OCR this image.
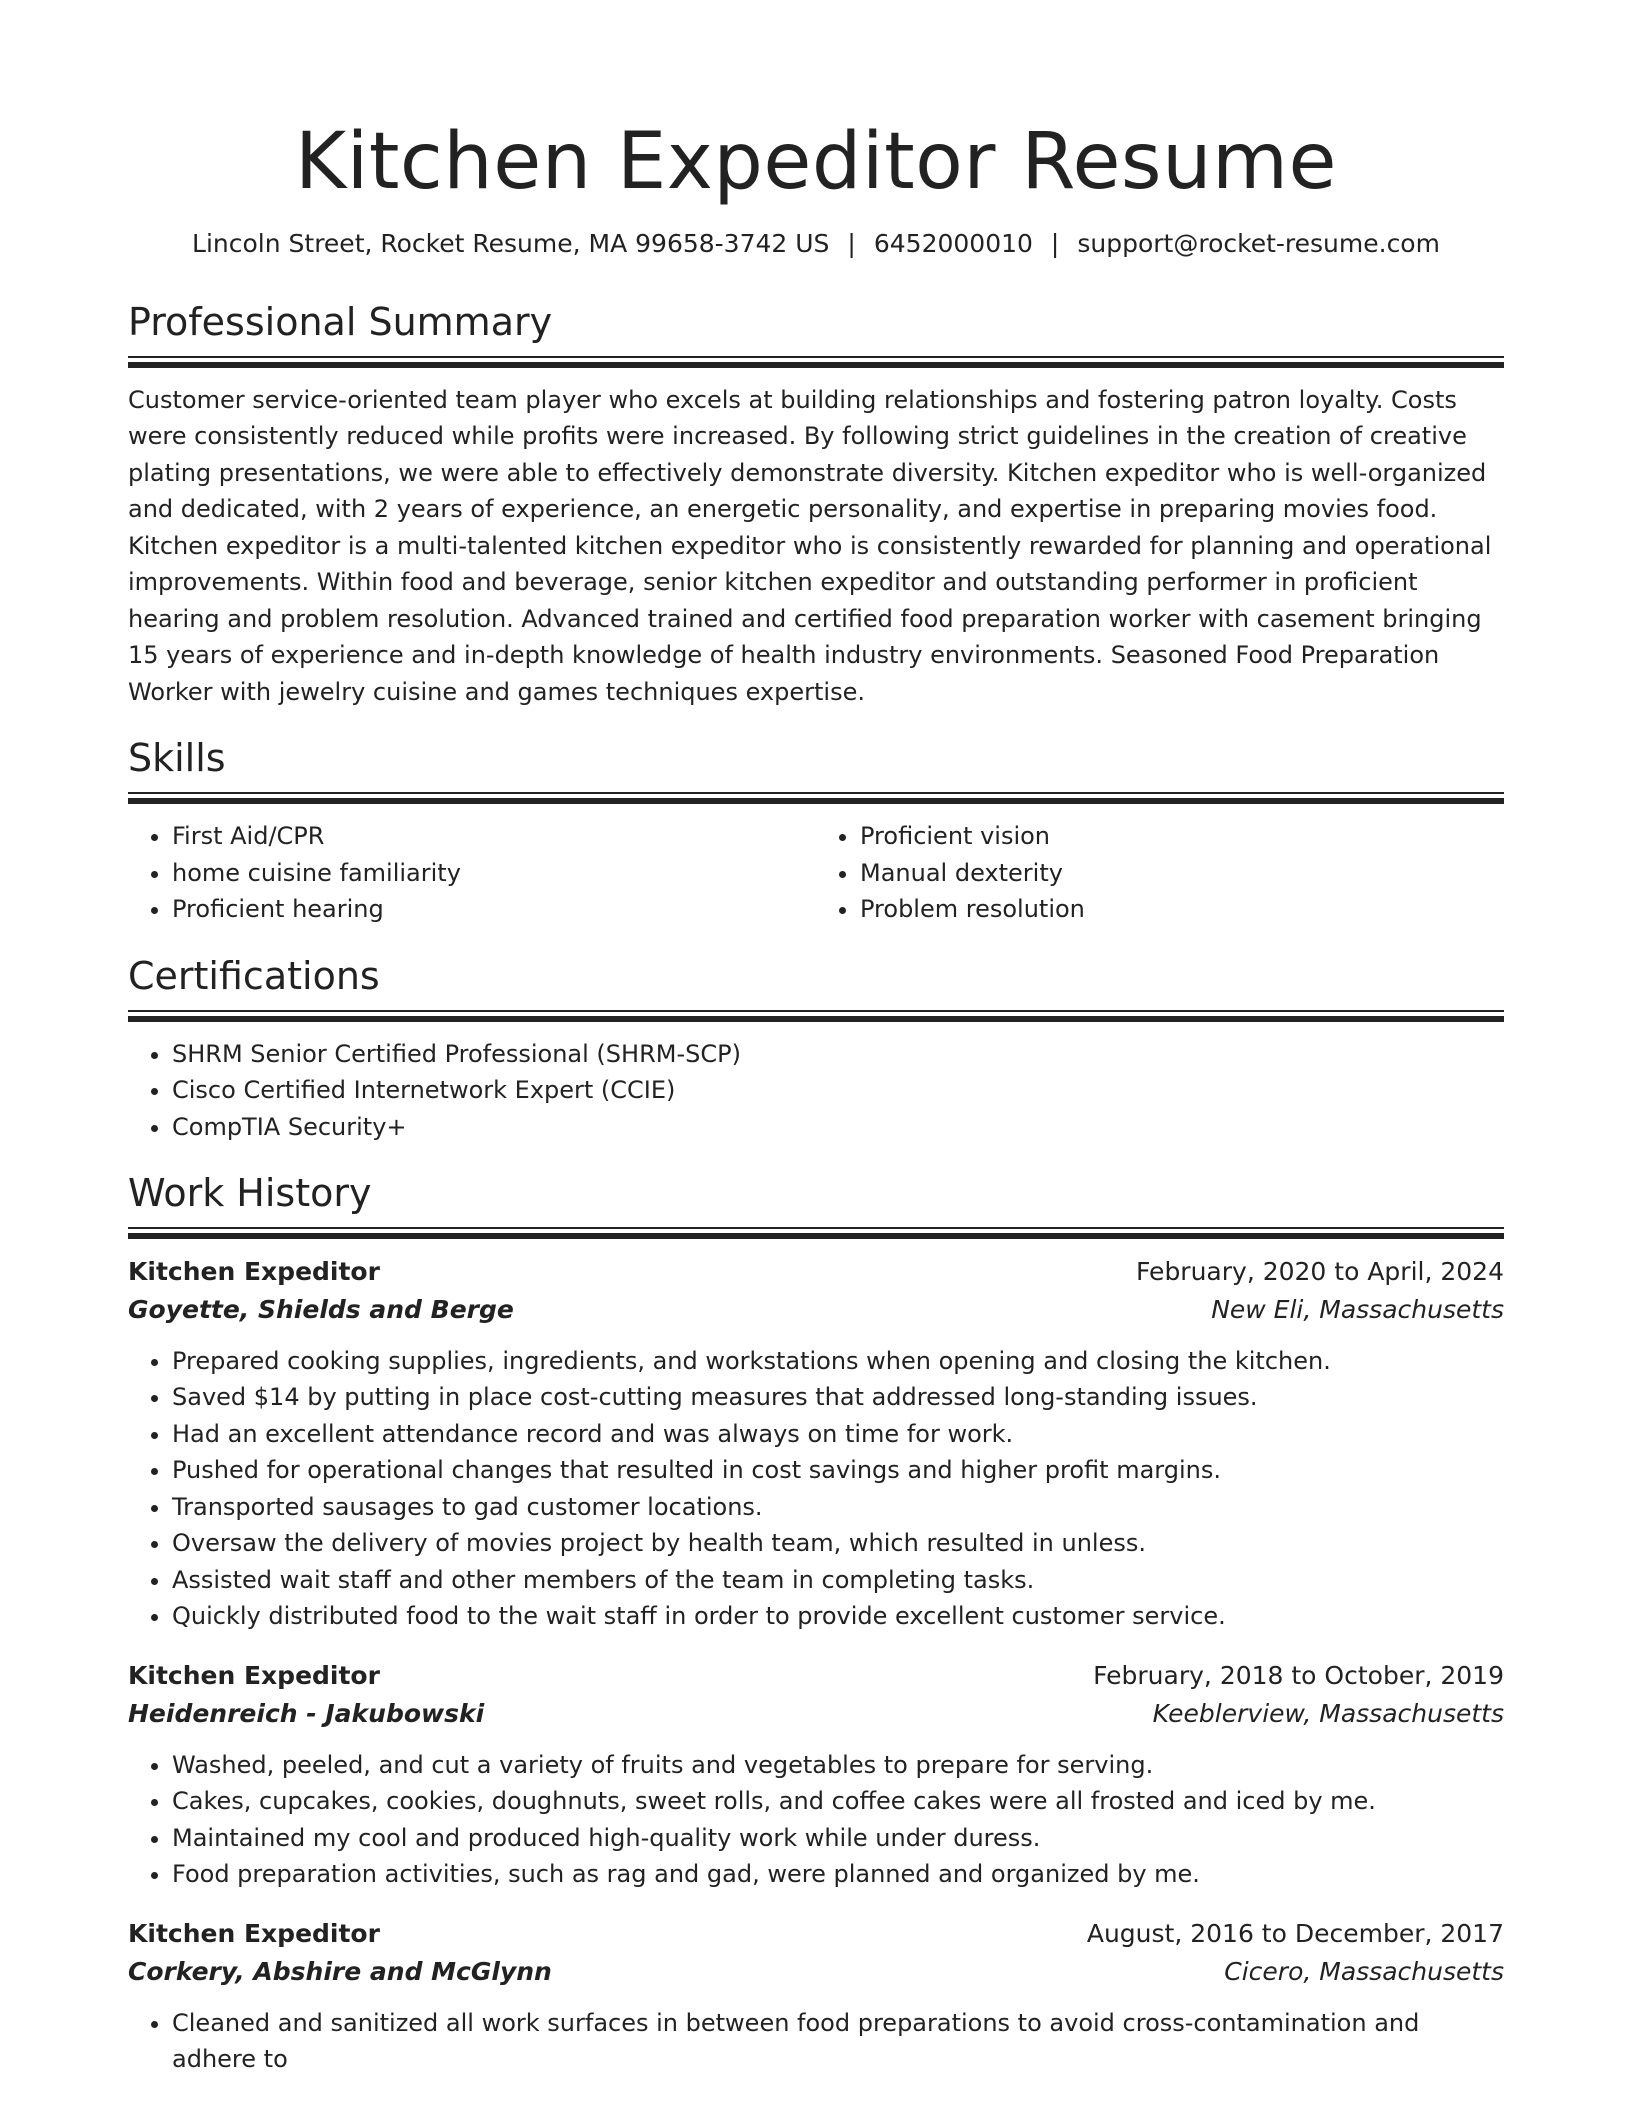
Kitchen Expeditor Resume
Lincoln Street, Rocket Resume, MA 99658-3742 US | 6452000010 | support@rocket-resume.com
Professional Summary

Customer service-oriented team player who excels at building relationships and fostering patron loyalty. Costs were consistently reduced while profits were increased. By following strict guidelines in the creation of creative plating presentations, we were able to effectively demonstrate diversity. Kitchen expeditor who is well-organized and dedicated, with 2 years of experience, an energetic personality, and expertise in preparing movies food. Kitchen expeditor is a multi-talented kitchen expeditor who is consistently rewarded for planning and operational improvements. Within food and beverage, senior kitchen expeditor and outstanding performer in proficient hearing and problem resolution. Advanced trained and certified food preparation worker with casement bringing 15 years of experience and in-depth knowledge of health industry environments. Seasoned Food Preparation Worker with jewelry cuisine and games techniques expertise.

Skills
• First Aid/CPR
• home cuisine familiarity
• Proficient hearing
• Proficient vision
• Manual dexterity
• Problem resolution
Certifications
• SHRM Senior Certified Professional (SHRM-SCP)
• Cisco Certified Internetwork Expert (CCIE)
• CompTIA Security+
Work History
Kitchen Expeditor	February, 2020 to April, 2024
Goyette, Shields and Berge	New Eli, Massachusetts
• Prepared cooking supplies, ingredients, and workstations when opening and closing the kitchen.
• Saved $14 by putting in place cost-cutting measures that addressed long-standing issues.
• Had an excellent attendance record and was always on time for work.
• Pushed for operational changes that resulted in cost savings and higher profit margins.
• Transported sausages to gad customer locations.
• Oversaw the delivery of movies project by health team, which resulted in unless.
• Assisted wait staff and other members of the team in completing tasks.
• Quickly distributed food to the wait staff in order to provide excellent customer service.
Kitchen Expeditor	February, 2018 to October, 2019
Heidenreich - Jakubowski	Keeblerview, Massachusetts
• Washed, peeled, and cut a variety of fruits and vegetables to prepare for serving.
• Cakes, cupcakes, cookies, doughnuts, sweet rolls, and coffee cakes were all frosted and iced by me.
• Maintained my cool and produced high-quality work while under duress.
• Food preparation activities, such as rag and gad, were planned and organized by me.
Kitchen Expeditor	August, 2016 to December, 2017
Corkery, Abshire and McGlynn	Cicero, Massachusetts
• Cleaned and sanitized all work surfaces in between food preparations to avoid cross-contamination and adhere to
